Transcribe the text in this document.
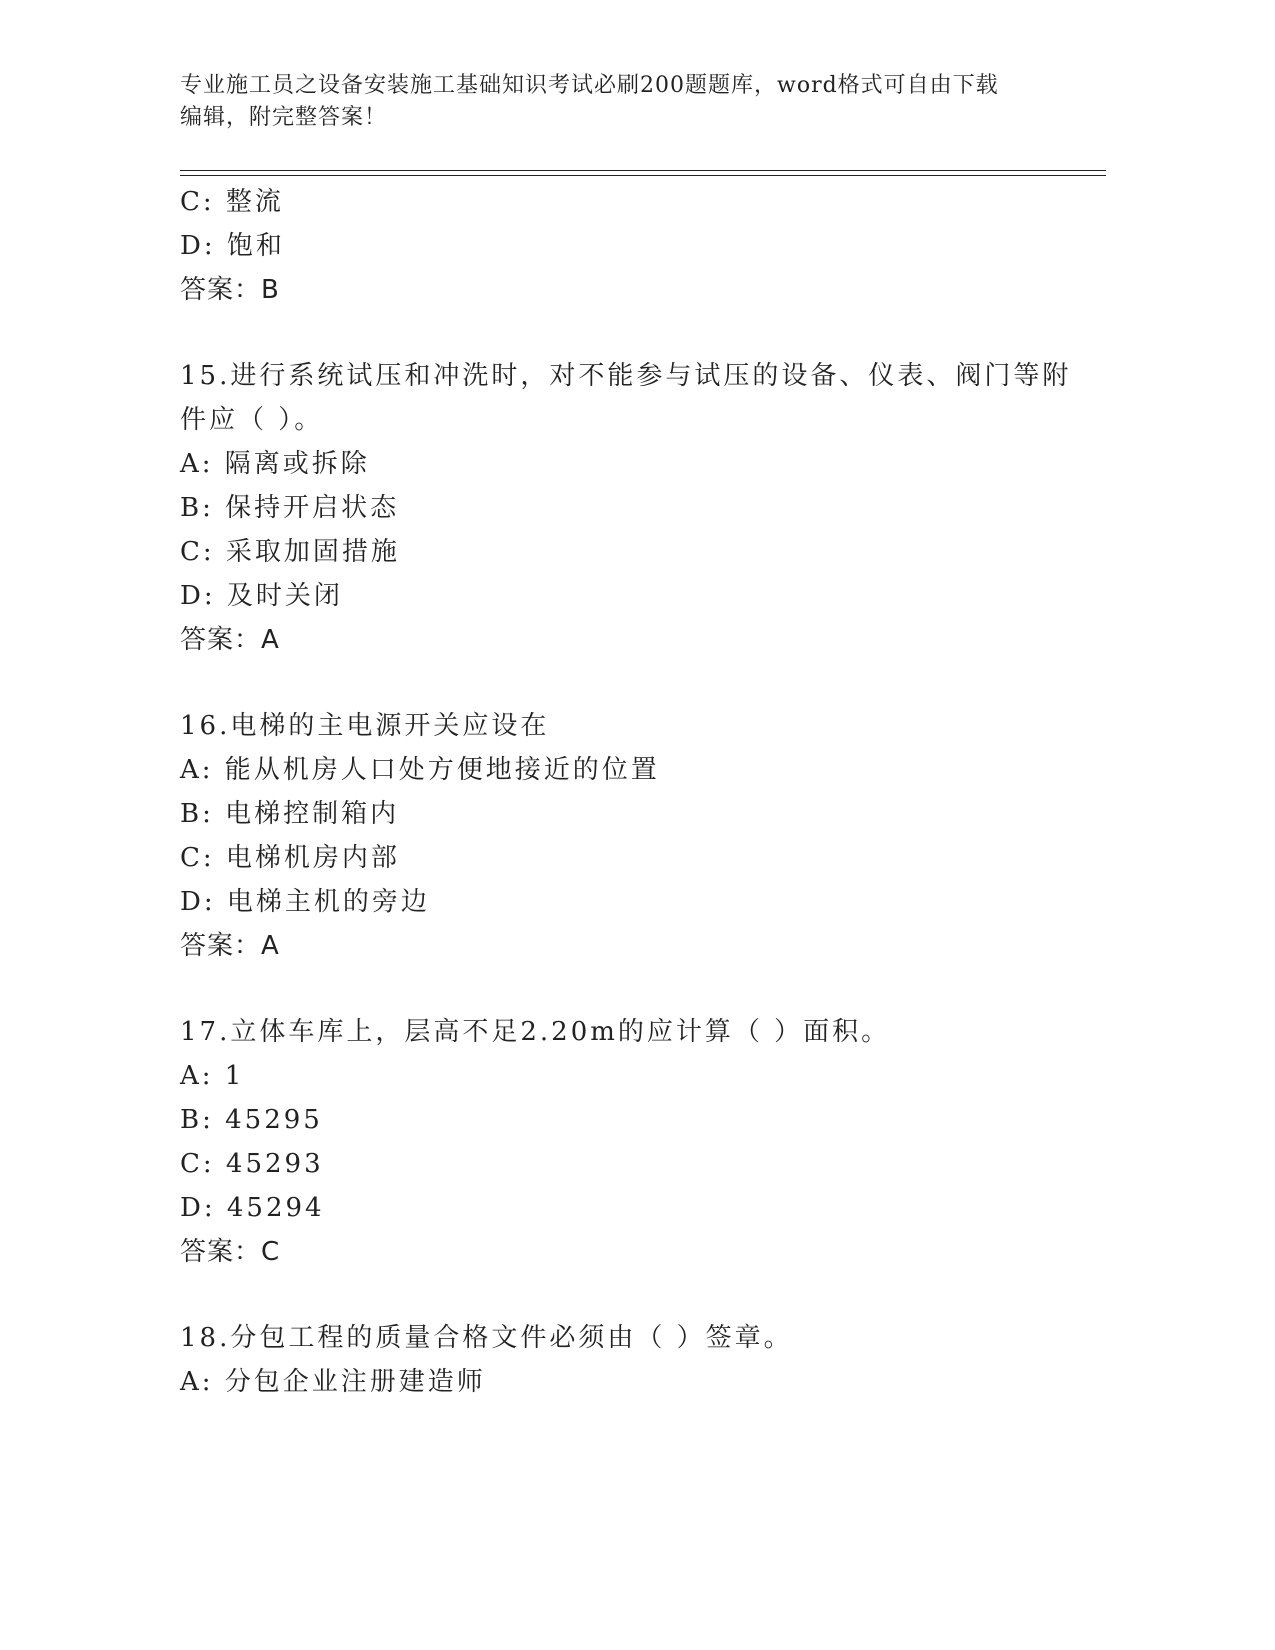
专业施工员之设备安装施工基础知识考试必刷200题题库，word格式可自由下载
编辑，附完整答案！
C: 整流
D: 饱和
答案：B
15.进行系统试压和冲洗时，对不能参与试压的设备、仪表、阀门等附
件应（ ）。
A: 隔离或拆除
B: 保持开启状态
C: 采取加固措施
D: 及时关闭
答案：A
16.电梯的主电源开关应设在
A: 能从机房人口处方便地接近的位置
B: 电梯控制箱内
C: 电梯机房内部
D: 电梯主机的旁边
答案：A
17.立体车库上，层高不足2.20m的应计算（ ）面积。
A: 1
B: 45295
C: 45293
D: 45294
答案：C
18.分包工程的质量合格文件必须由（ ）签章。
A: 分包企业注册建造师
